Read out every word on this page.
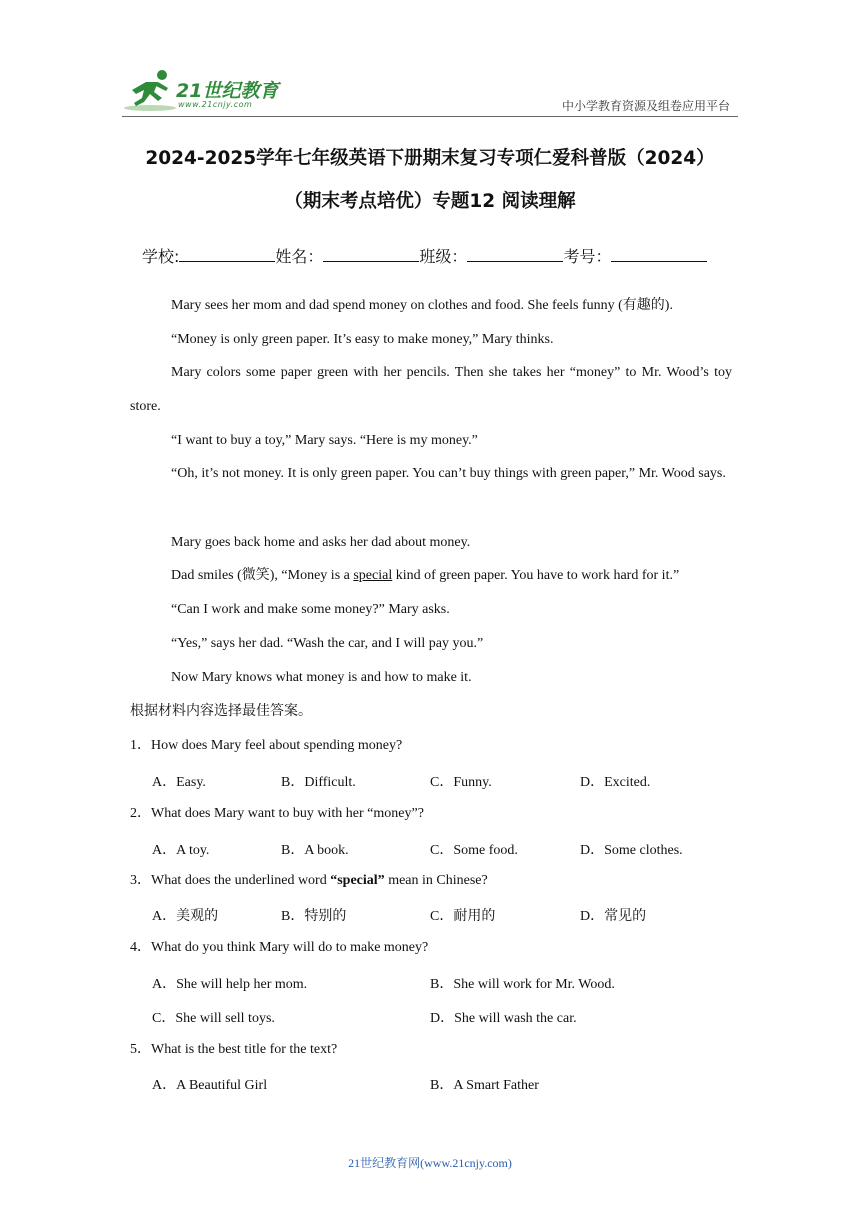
21世纪教育
www.21cnjy.com	中小学教育资源及组卷应用平台
2024-2025学年七年级英语下册期末复习专项仁爱科普版（2024）
（期末考点培优）专题12 阅读理解
学校:	姓名：	班级：	考号：
Mary sees her mom and dad spend money on clothes and food. She feels funny (有趣的).
“Money is only green paper. It’s easy to make money,” Mary thinks.
Mary colors some paper green with her pencils. Then she takes her “money” to Mr. Wood’s toy store.
“I want to buy a toy,” Mary says. “Here is my money.”
“Oh, it’s not money. It is only green paper. You can’t buy things with green paper,” Mr. Wood says.
Mary goes back home and asks her dad about money.
Dad smiles (微笑), “Money is a special kind of green paper. You have to work hard for it.”
“Can I work and make some money?” Mary asks.
“Yes,” says her dad. “Wash the car, and I will pay you.”
Now Mary knows what money is and how to make it.
根据材料内容选择最佳答案。
1．How does Mary feel about spending money?
A．Easy.	B．Difficult.	C．Funny.	D．Excited.
2．What does Mary want to buy with her “money”?
A．A toy.	B．A book.	C．Some food.	D．Some clothes.
3．What does the underlined word “special” mean in Chinese?
A．美观的	B．特别的	C．耐用的	D．常见的
4．What do you think Mary will do to make money?
A．She will help her mom.	B．She will work for Mr. Wood.
C．She will sell toys.	D．She will wash the car.
5．What is the best title for the text?
A．A Beautiful Girl	B．A Smart Father
21世纪教育网(www.21cnjy.com)
